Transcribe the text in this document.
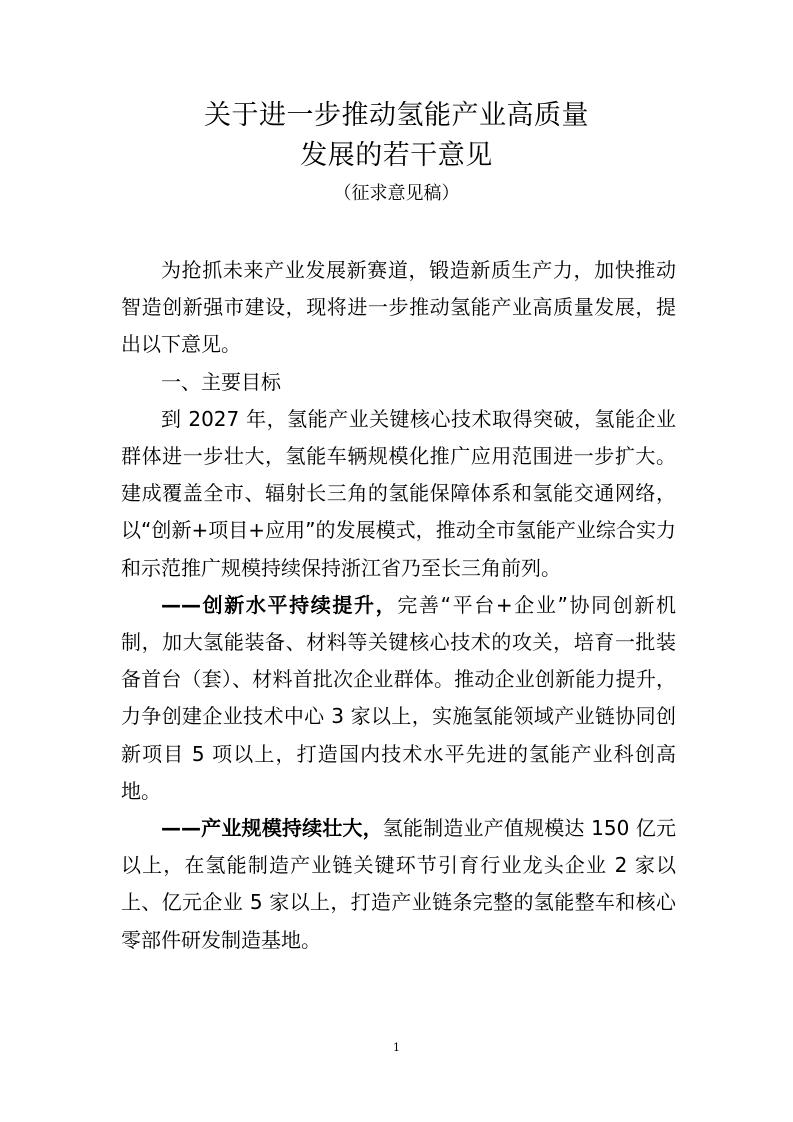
关于进一步推动氢能产业高质量
发展的若干意见
（征求意见稿）

为抢抓未来产业发展新赛道，锻造新质生产力，加快推动智造创新强市建设，现将进一步推动氢能产业高质量发展，提出以下意见。

一、主要目标

到 2027 年，氢能产业关键核心技术取得突破，氢能企业群体进一步壮大，氢能车辆规模化推广应用范围进一步扩大。建成覆盖全市、辐射长三角的氢能保障体系和氢能交通网络，以“创新+项目+应用”的发展模式，推动全市氢能产业综合实力和示范推广规模持续保持浙江省乃至长三角前列。

——创新水平持续提升，完善“平台+企业”协同创新机制，加大氢能装备、材料等关键核心技术的攻关，培育一批装备首台（套）、材料首批次企业群体。推动企业创新能力提升，力争创建企业技术中心 3 家以上，实施氢能领域产业链协同创新项目 5 项以上，打造国内技术水平先进的氢能产业科创高地。

——产业规模持续壮大，氢能制造业产值规模达 150 亿元以上，在氢能制造产业链关键环节引育行业龙头企业 2 家以上、亿元企业 5 家以上，打造产业链条完整的氢能整车和核心零部件研发制造基地。

1
